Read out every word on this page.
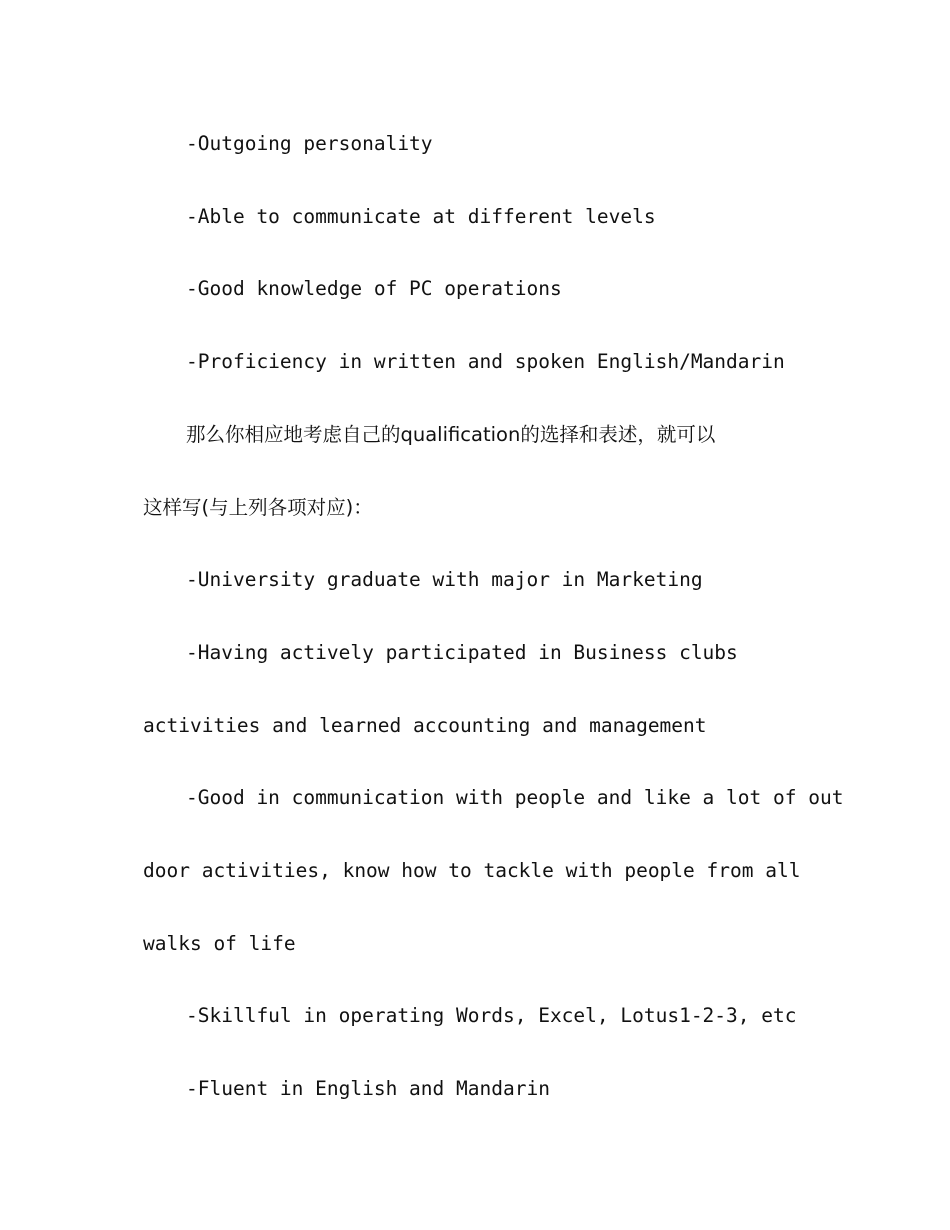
-Outgoing personality
-Able to communicate at different levels
-Good knowledge of PC operations
-Proficiency in written and spoken English/Mandarin
那么你相应地考虑自己的qualification的选择和表述，就可以
这样写(与上列各项对应)：
-University graduate with major in Marketing
-Having actively participated in Business clubs
activities and learned accounting and management
-Good in communication with people and like a lot of out
door activities, know how to tackle with people from all
walks of life
-Skillful in operating Words, Excel, Lotus1-2-3, etc
-Fluent in English and Mandarin
